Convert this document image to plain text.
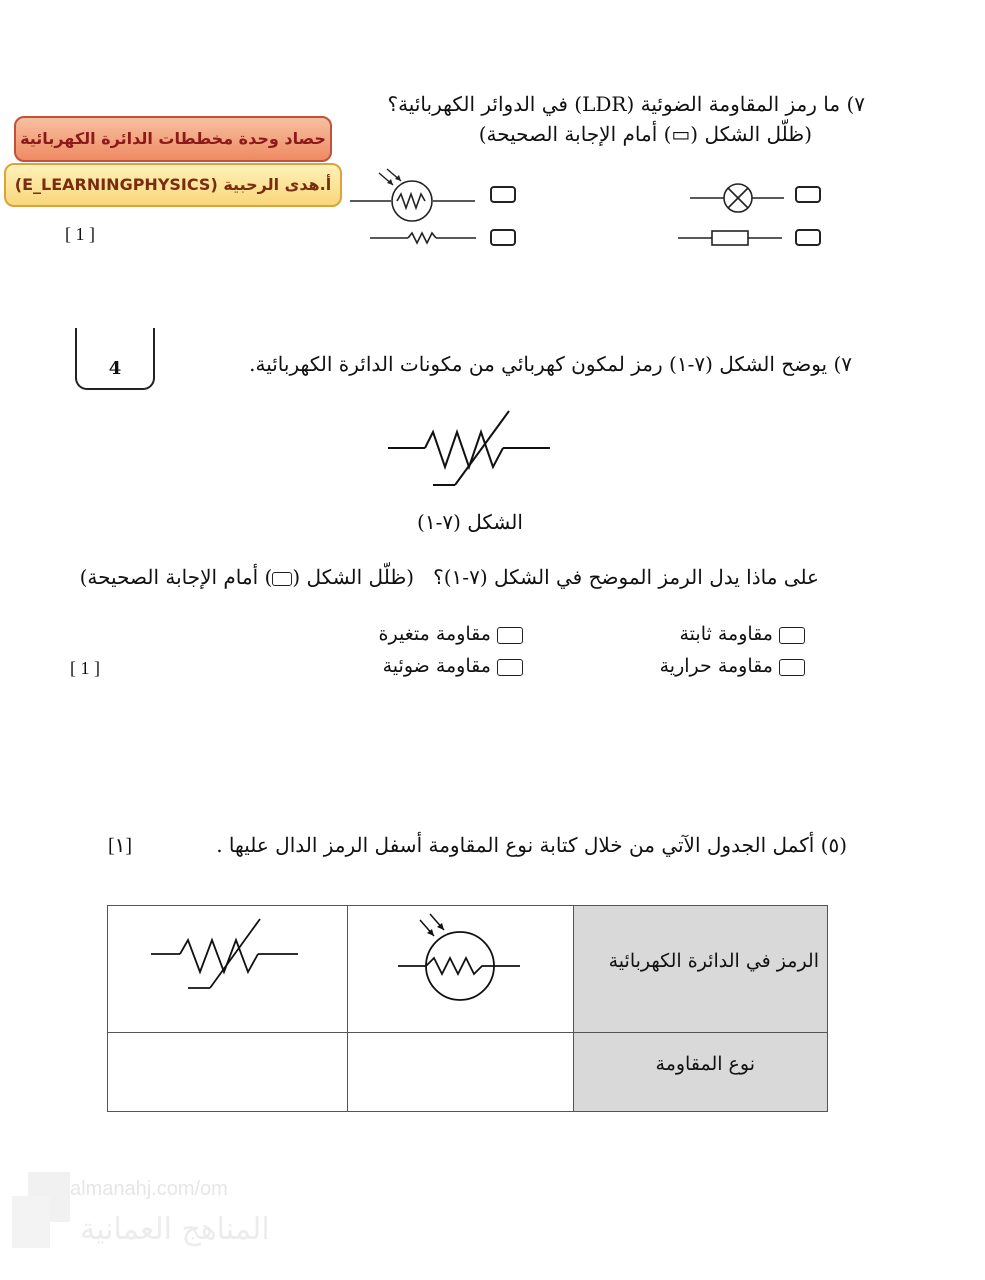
حصاد وحدة مخططات الدائرة الكهربائية
أ.هدى الرحبية (E_LEARNINGPHYSICS)
٧) ما رمز المقاومة الضوئية (LDR) في الدوائر الكهربائية؟
(ظلّل الشكل (▭) أمام الإجابة الصحيحة)
[ 1 ]
4	٧) يوضح الشكل (٧-١) رمز لمكون كهربائي من مكونات الدائرة الكهربائية.
الشكل (٧-١)
على ماذا يدل الرمز الموضح في الشكل (٧-١)؟   (ظلّل الشكل () أمام الإجابة الصحيحة)
مقاومة ثابتة
مقاومة متغيرة
مقاومة حرارية
مقاومة ضوئية
[ 1 ]
(٥) أكمل الجدول الآتي من خلال كتابة نوع المقاومة أسفل الرمز الدال عليها .
[١]
الرمز في الدائرة الكهربائية
نوع المقاومة
almanahj.com/om
المناهج العمانية
